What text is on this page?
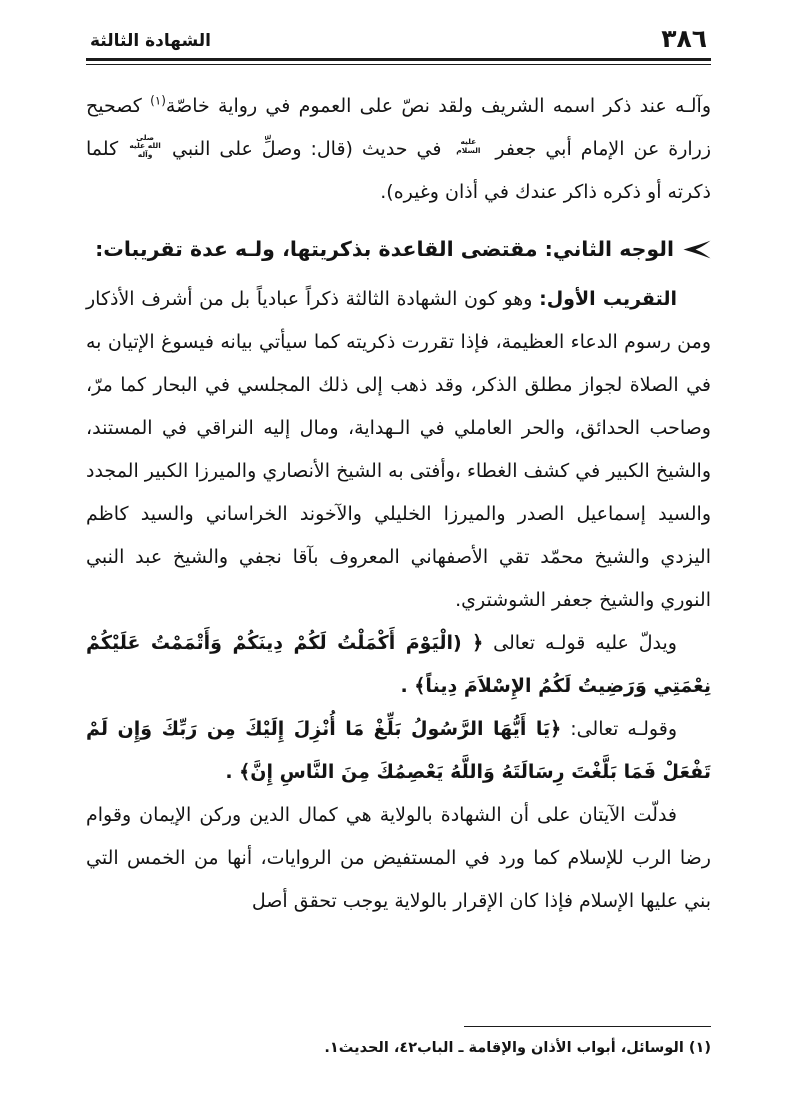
الشهادة الثالثة	٣٨٦

وآلـه عند ذكر اسمه الشريف ولقد نصّ على العموم في رواية خاصّة$^{(١)}$ كصحيح زرارة عن الإمام أبي جعفر عليه السلام في حديث (قال: وصلِّ على النبي صلى الله عليه وآله كلما ذكرته أو ذكره ذاكر عندك في أذان وغيره).

الوجه الثاني: مقتضى القاعدة بذكريتها، ولـه عدة تقريبات:

التقريب الأول: وهو كون الشهادة الثالثة ذكراً عبادياً بل من أشرف الأذكار ومن رسوم الدعاء العظيمة، فإذا تقررت ذكريته كما سيأتي بيانه فيسوغ الإتيان به في الصلاة لجواز مطلق الذكر، وقد ذهب إلى ذلك المجلسي في البحار كما مرّ، وصاحب الحدائق، والحر العاملي في الـهداية، ومال إليه النراقي في المستند، والشيخ الكبير في كشف الغطاء ،وأفتى به الشيخ الأنصاري والميرزا الكبير المجدد والسيد إسماعيل الصدر والميرزا الخليلي والآخوند الخراساني والسيد كاظم اليزدي والشيخ محمّد تقي الأصفهاني المعروف بآقا نجفي والشيخ عبد النبي النوري والشيخ جعفر الشوشتري.

ويدلّ عليه قولـه تعالى ﴿ (الْيَوْمَ أَكْمَلْتُ لَكُمْ دِينَكُمْ وَأَتْمَمْتُ عَلَيْكُمْ نِعْمَتِي وَرَضِيتُ لَكُمُ الإِسْلاَمَ دِيناً﴾ .

وقولـه تعالى: ﴿يَا أَيُّهَا الرَّسُولُ بَلِّغْ مَا أُنْزِلَ إِلَيْكَ مِن رَبِّكَ وَإِن لَمْ تَفْعَلْ فَمَا بَلَّغْتَ رِسَالَتَهُ وَاللَّهُ يَعْصِمُكَ مِنَ النَّاسِ إِنَّ﴾ .

فدلّت الآيتان على أن الشهادة بالولاية هي كمال الدين وركن الإيمان وقوام رضا الرب للإسلام كما ورد في المستفيض من الروايات، أنها من الخمس التي بني عليها الإسلام فإذا كان الإقرار بالولاية يوجب تحقق أصل

(١) الوسائل، أبواب الأذان والإقامة ـ الباب٤٢، الحديث١.
